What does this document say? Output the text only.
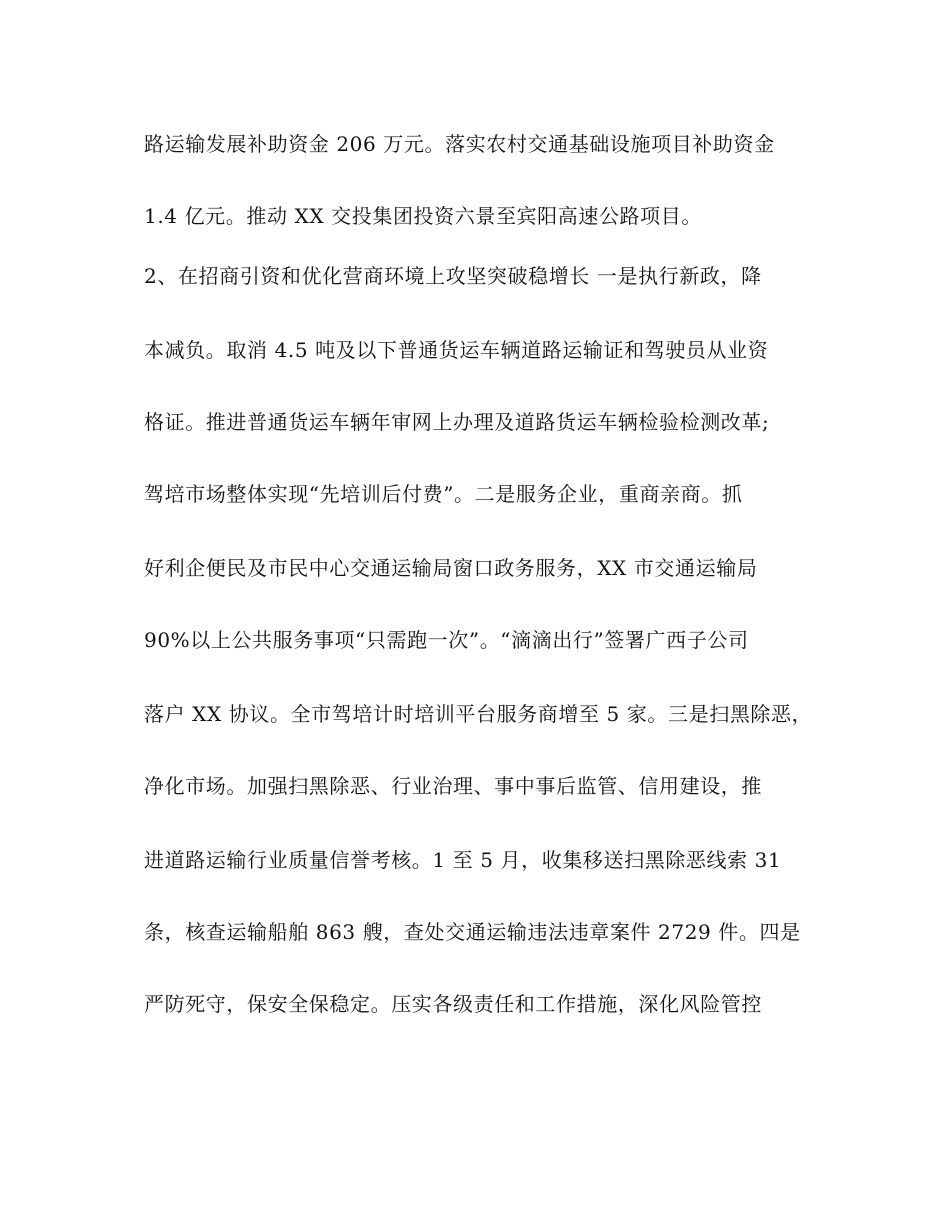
路运输发展补助资金 206 万元。落实农村交通基础设施项目补助资金
1.4 亿元。推动 XX 交投集团投资六景至宾阳高速公路项目。
2、在招商引资和优化营商环境上攻坚突破稳增长 一是执行新政，降
本减负。取消 4.5 吨及以下普通货运车辆道路运输证和驾驶员从业资
格证。推进普通货运车辆年审网上办理及道路货运车辆检验检测改革;
驾培市场整体实现“先培训后付费”。二是服务企业，重商亲商。抓
好利企便民及市民中心交通运输局窗口政务服务，XX 市交通运输局
90%以上公共服务事项“只需跑一次”。“滴滴出行”签署广西子公司
落户 XX 协议。全市驾培计时培训平台服务商增至 5 家。三是扫黑除恶，
净化市场。加强扫黑除恶、行业治理、事中事后监管、信用建设，推
进道路运输行业质量信誉考核。1 至 5 月，收集移送扫黑除恶线索 31
条，核查运输船舶 863 艘，查处交通运输违法违章案件 2729 件。四是
严防死守，保安全保稳定。压实各级责任和工作措施，深化风险管控
